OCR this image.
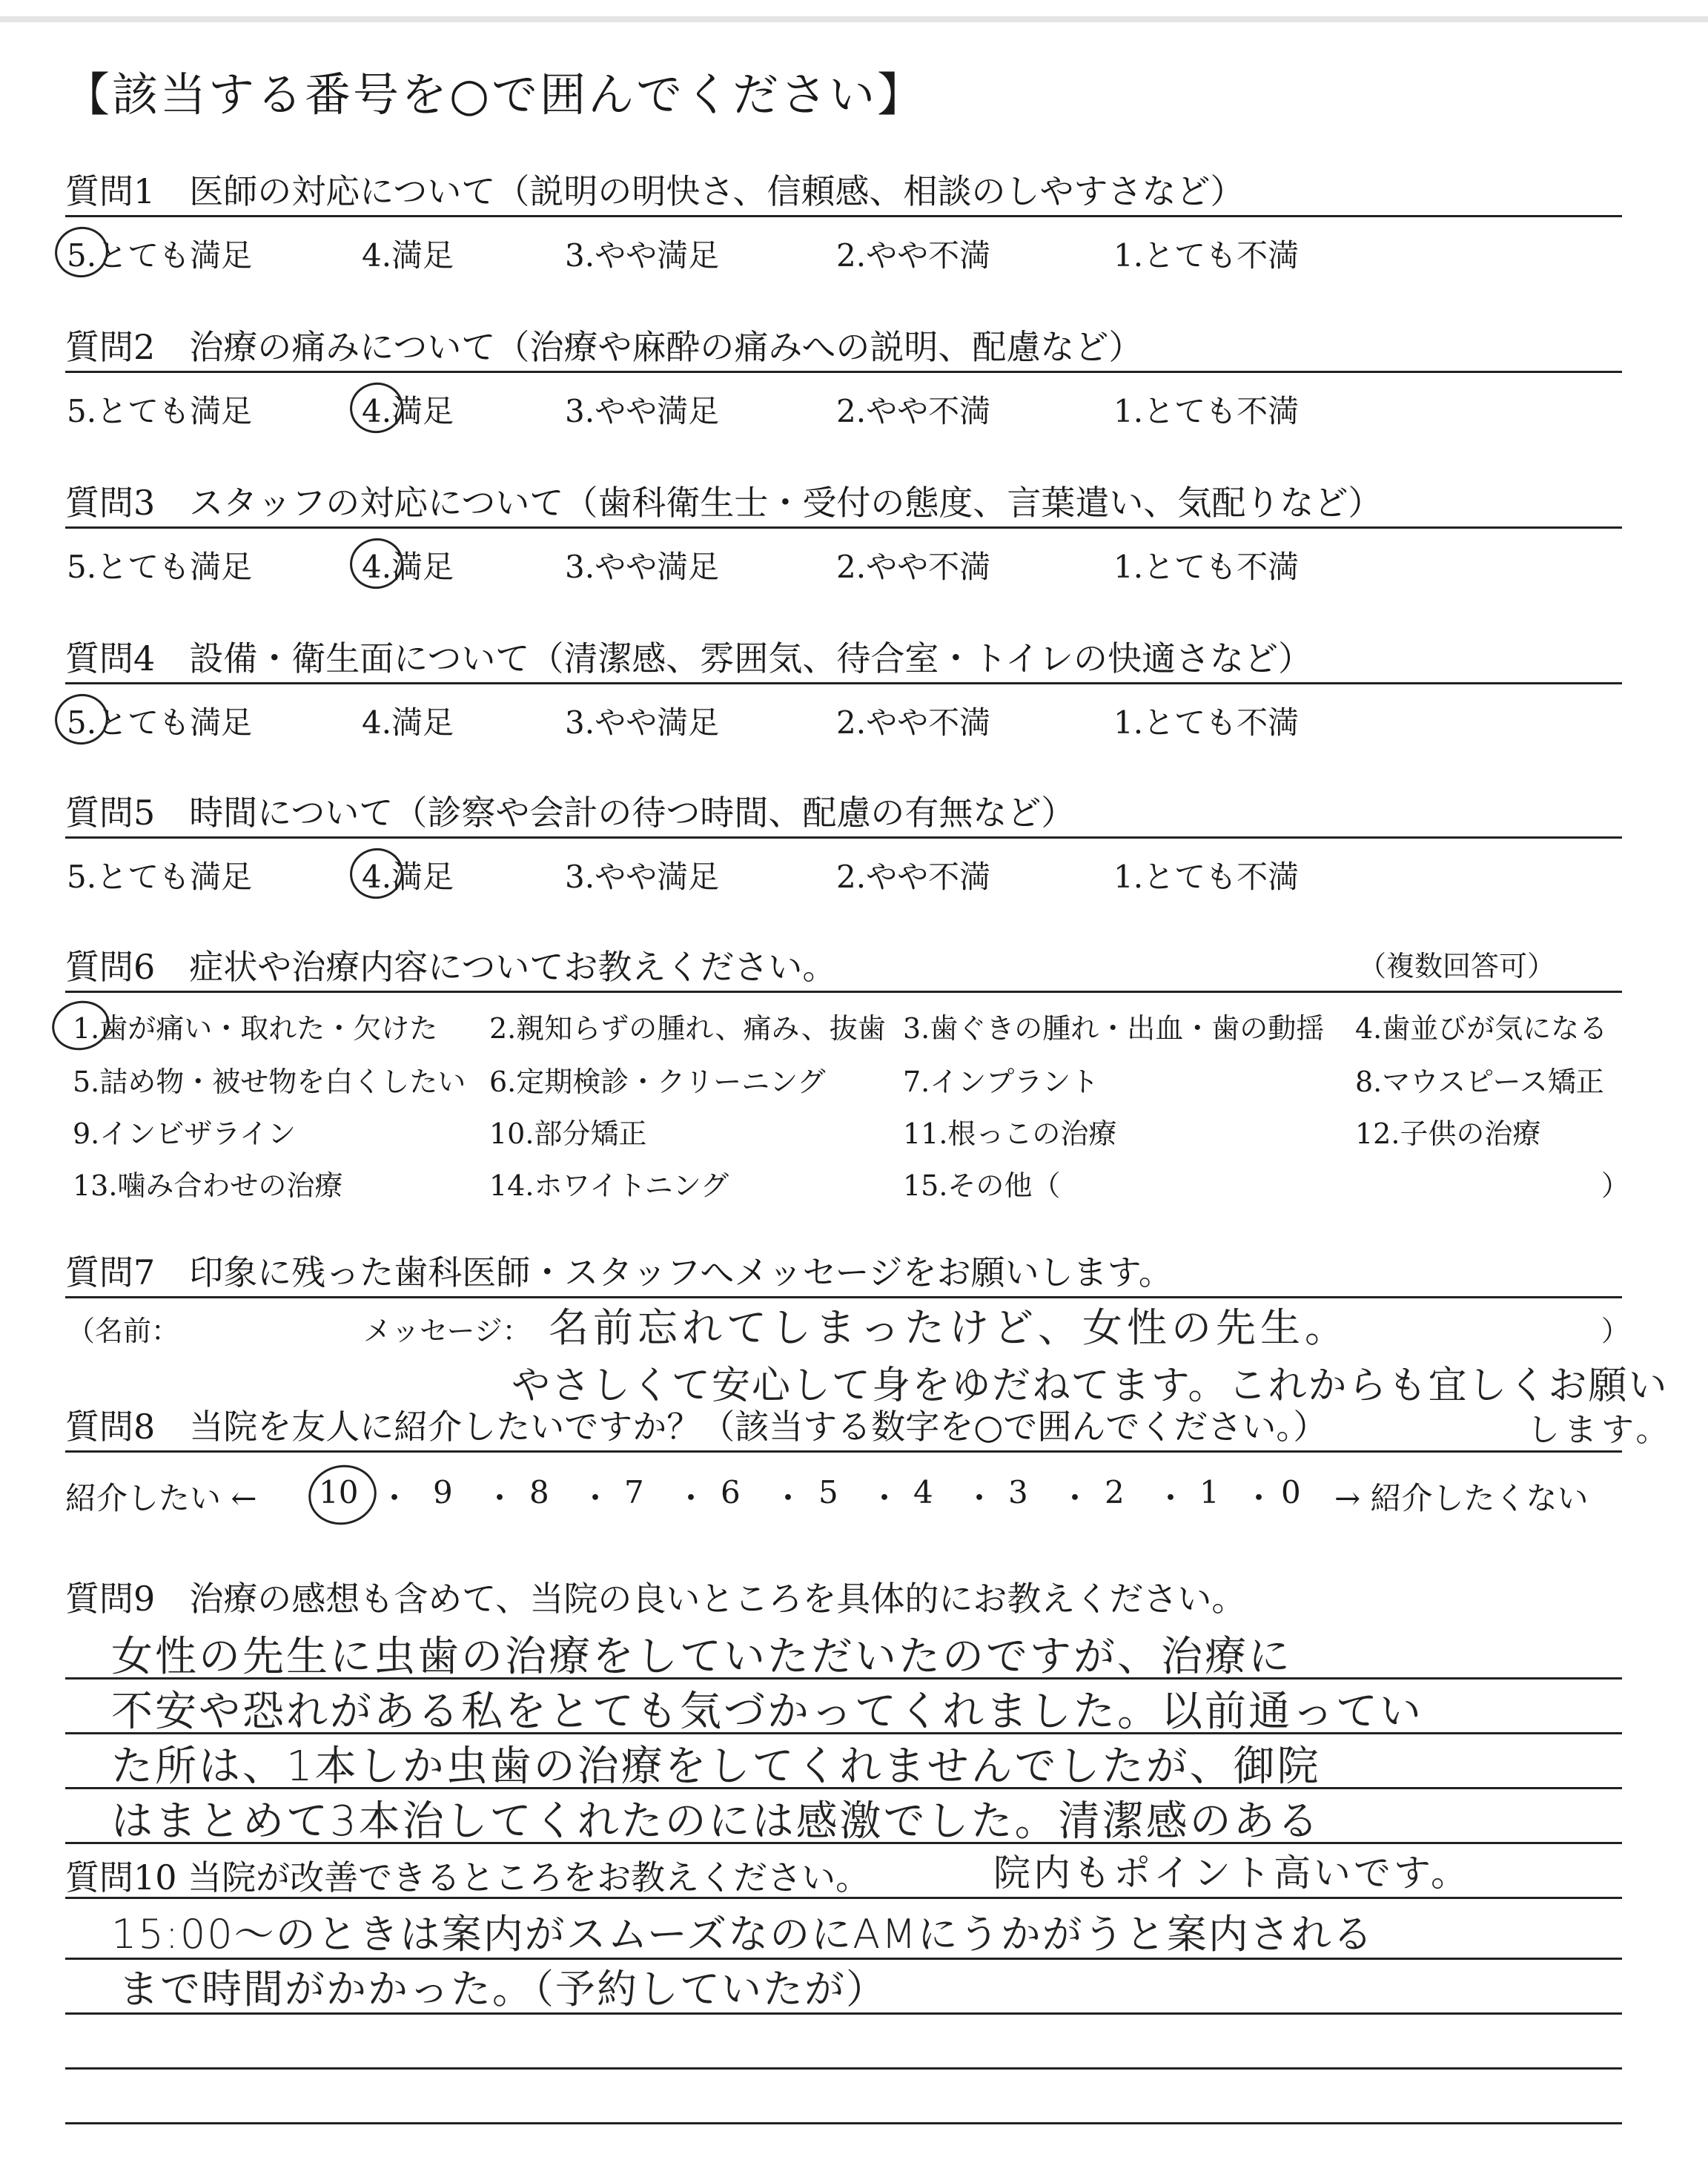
【該当する番号を○で囲んでください】
質問1　医師の対応について（説明の明快さ、信頼感、相談のしやすさなど）
5.とても満足	4.満足	3.やや満足	2.やや不満	1.とても不満
質問2　治療の痛みについて（治療や麻酔の痛みへの説明、配慮など）
5.とても満足	4.満足	3.やや満足	2.やや不満	1.とても不満
質問3　スタッフの対応について（歯科衛生士・受付の態度、言葉遣い、気配りなど）
5.とても満足	4.満足	3.やや満足	2.やや不満	1.とても不満
質問4　設備・衛生面について（清潔感、雰囲気、待合室・トイレの快適さなど）
5.とても満足	4.満足	3.やや満足	2.やや不満	1.とても不満
質問5　時間について（診察や会計の待つ時間、配慮の有無など）
5.とても満足	4.満足	3.やや満足	2.やや不満	1.とても不満
質問6　症状や治療内容についてお教えください。	（複数回答可）
1.歯が痛い・取れた・欠けた 2.親知らずの腫れ、痛み、抜歯 3.歯ぐきの腫れ・出血・歯の動揺 4.歯並びが気になる
5.詰め物・被せ物を白くしたい 6.定期検診・クリーニング	7.インプラント	8.マウスピース矯正
9.インビザライン	10.部分矯正	11.根っこの治療	12.子供の治療
13.噛み合わせの治療	14.ホワイトニング	15.その他（	）
質問7　印象に残った歯科医師・スタッフへメッセージをお願いします。
（名前：	メッセージ：	）
名前忘れてしまったけど、女性の先生。
やさしくて安心して身をゆだねてます。これからも宜しくお願い
します。
質問8　当院を友人に紹介したいですか？（該当する数字を○で囲んでください。）
紹介したい ←	→ 紹介したくない
10 ・ 9 ・ 8 ・ 7 ・ 6 ・ 5 ・ 4 ・ 3 ・ 2 ・ 1 ・ 0
質問9　治療の感想も含めて、当院の良いところを具体的にお教えください。
女性の先生に虫歯の治療をしていただいたのですが、治療に
不安や恐れがある私をとても気づかってくれました。以前通ってい
た所は、1本しか虫歯の治療をしてくれませんでしたが、御院
はまとめて3本治してくれたのには感激でした。清潔感のある
院内もポイント高いです。
質問10 当院が改善できるところをお教えください。
15:00～のときは案内がスムーズなのにAMにうかがうと案内される
まで時間がかかった。（予約していたが）
